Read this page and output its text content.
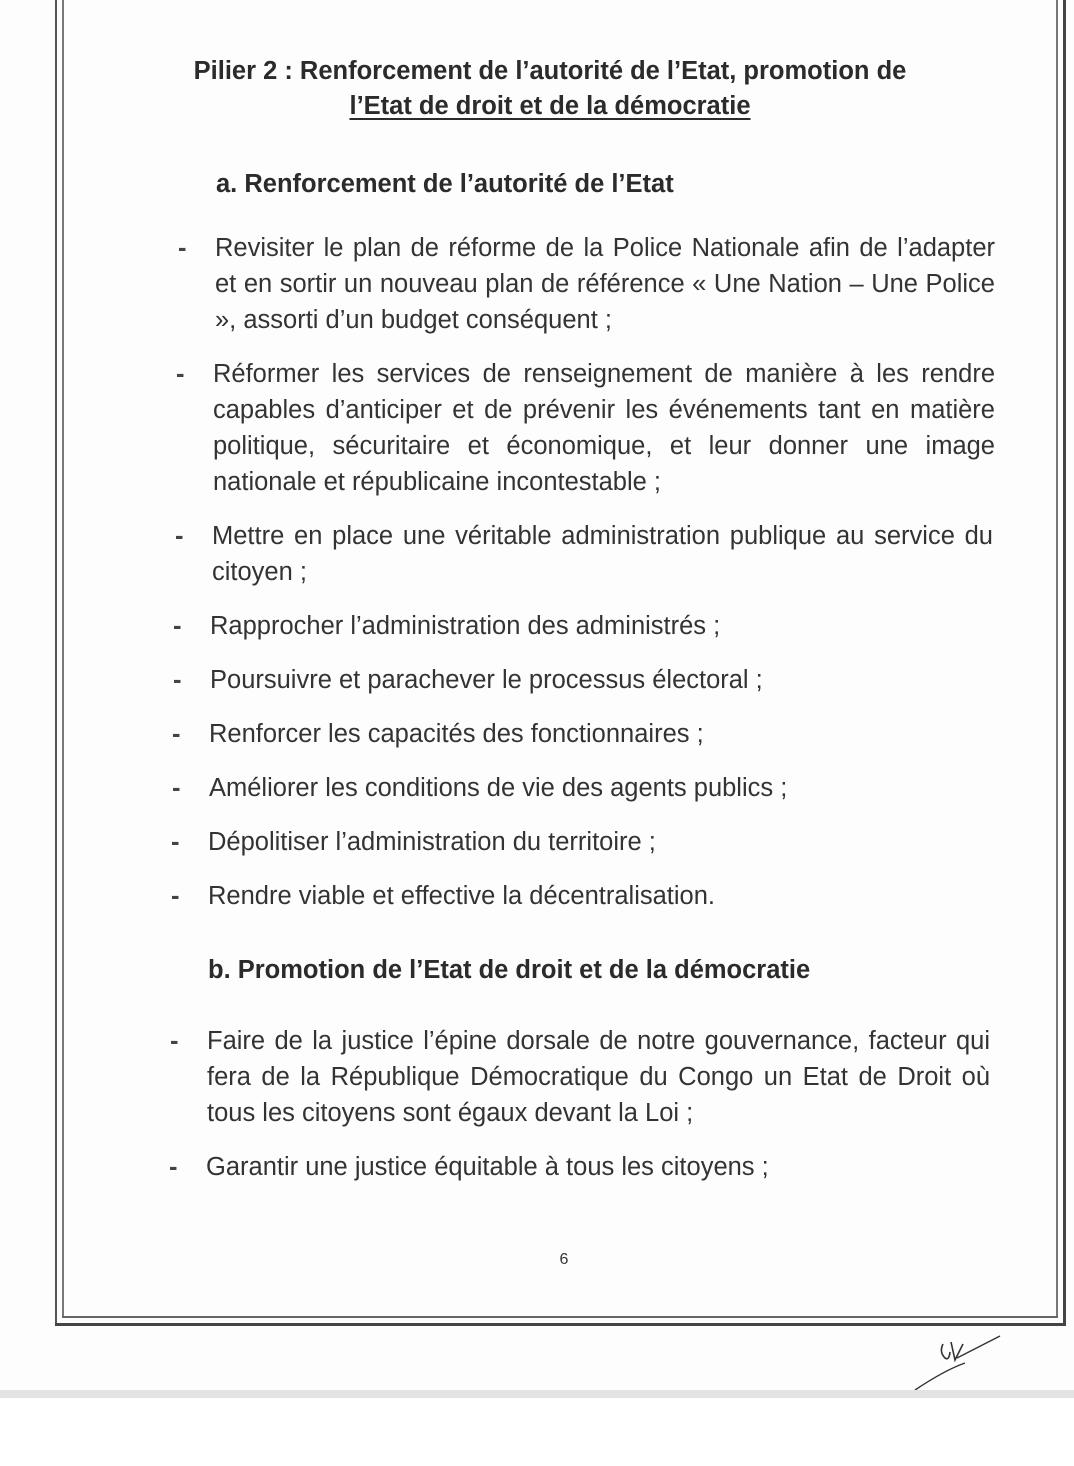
Pilier 2 : Renforcement de l’autorité de l’Etat, promotion de
l’Etat de droit et de la démocratie
a. Renforcement de l’autorité de l’Etat
- Revisiter le plan de réforme de la Police Nationale afin de l’adapter et en sortir un nouveau plan de référence « Une Nation – Une Police », assorti d’un budget conséquent ;
- Réformer les services de renseignement de manière à les rendre capables d’anticiper et de prévenir les événements tant en matière politique, sécuritaire et économique, et leur donner une image nationale et républicaine incontestable ;
- Mettre en place une véritable administration publique au service du citoyen ;
- Rapprocher l’administration des administrés ;
- Poursuivre et parachever le processus électoral ;
- Renforcer les capacités des fonctionnaires ;
- Améliorer les conditions de vie des agents publics ;
- Dépolitiser l’administration du territoire ;
- Rendre viable et effective la décentralisation.
b. Promotion de l’Etat de droit et de la démocratie
- Faire de la justice l’épine dorsale de notre gouvernance, facteur qui fera de la République Démocratique du Congo un Etat de Droit où tous les citoyens sont égaux devant la Loi ;
- Garantir une justice équitable à tous les citoyens ;
6
